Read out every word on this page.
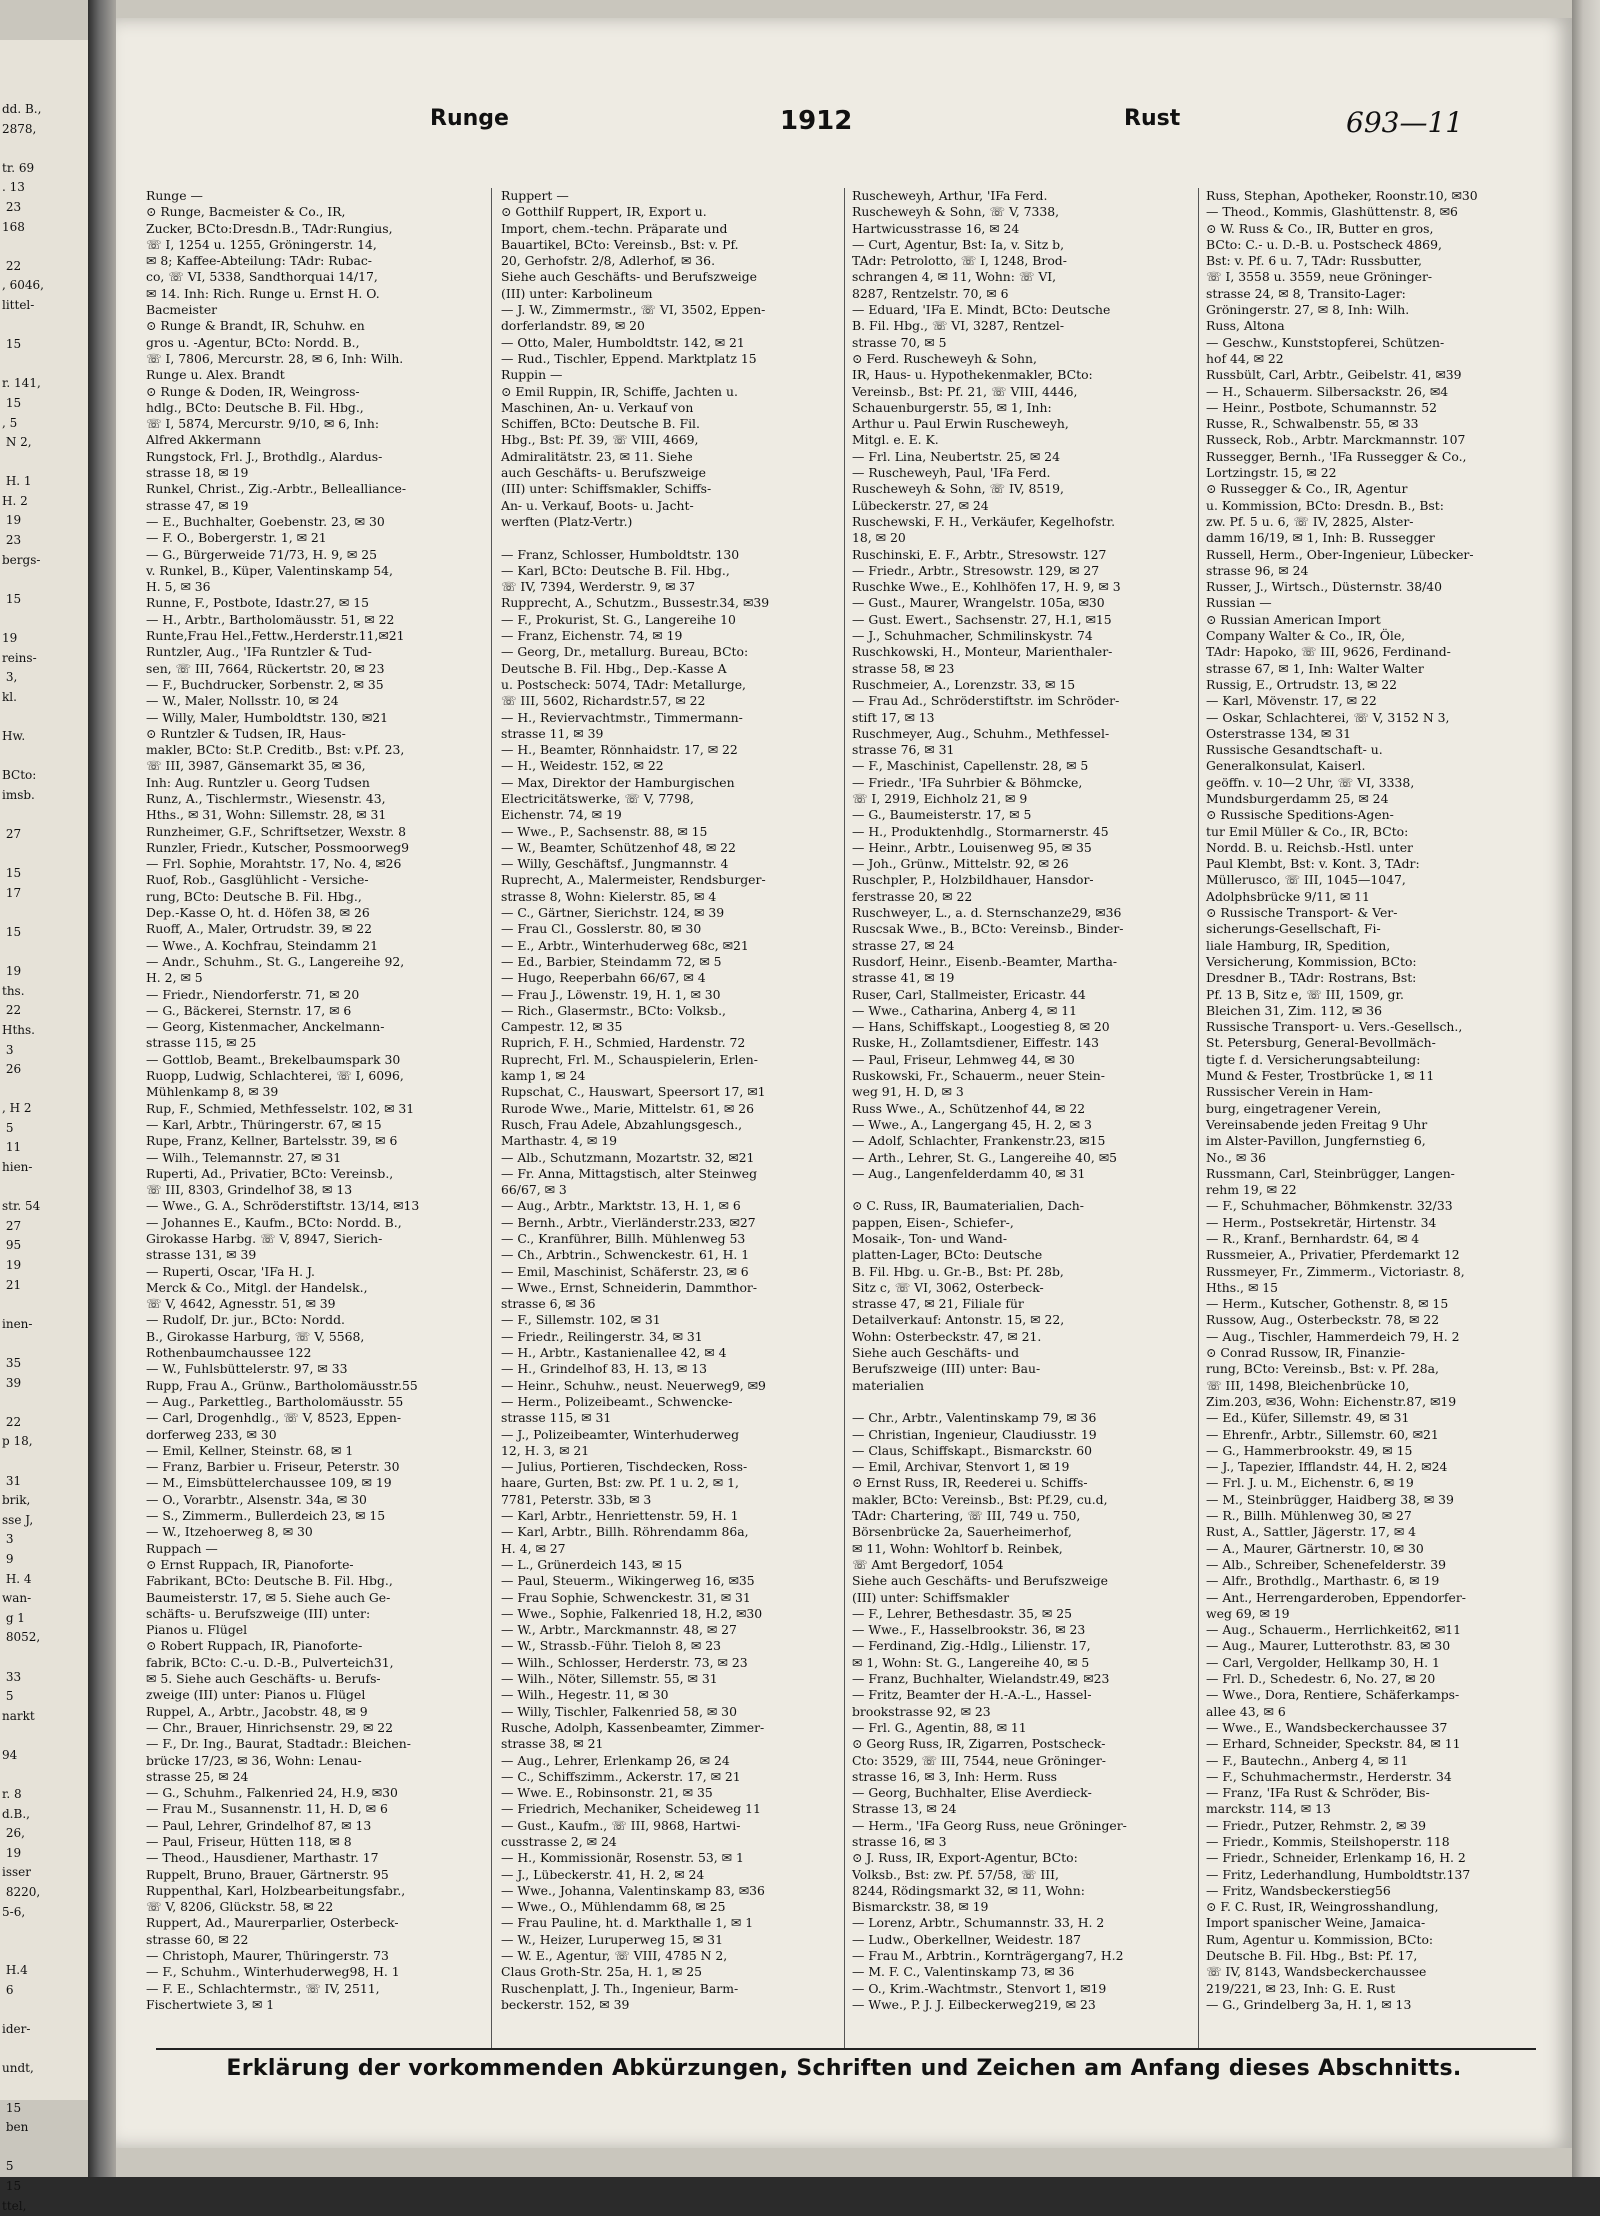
dd. B.,
2878,

tr. 69
. 13
23
168

22
, 6046,
littel-

15

r. 141,
15
, 5
N 2,

H. 1
H. 2
19
23
bergs-

15

19
reins-
3,
kl.

Hw.

BCto:
imsb.

27

15
17

15

19
ths.
22
Hths.
3
26

, H 2
5
11
hien-

str. 54
27
95
19
21

inen-

35
39

22
p 18,

31
brik,
sse J,
3
9
H. 4
wan-
g 1
8052,

33
5
narkt

94

r. 8
d.B.,
26,
19
isser
8220,
5-6,

H.4
6

ider-

undt,

15
ben

5
15
ttel,
Runge	1912	Rust	693—11
Runge —
⊙ Runge, Bacmeister & Co., IR,
Zucker, BCto:Dresdn.B., TAdr:Rungius,
☏ I, 1254 u. 1255, Gröningerstr. 14,
✉ 8; Kaffee-Abteilung: TAdr: Rubac-
co, ☏ VI, 5338, Sandthorquai 14/17,
✉ 14. Inh: Rich. Runge u. Ernst H. O.
Bacmeister
⊙ Runge & Brandt, IR, Schuhw. en
gros u. -Agentur, BCto: Nordd. B.,
☏ I, 7806, Mercurstr. 28, ✉ 6, Inh: Wilh.
Runge u. Alex. Brandt
⊙ Runge & Doden, IR, Weingross-
hdlg., BCto: Deutsche B. Fil. Hbg.,
☏ I, 5874, Mercurstr. 9/10, ✉ 6, Inh:
Alfred Akkermann
Rungstock, Frl. J., Brothdlg., Alardus-
strasse 18, ✉ 19
Runkel, Christ., Zig.-Arbtr., Bellealliance-
strasse 47, ✉ 19
— E., Buchhalter, Goebenstr. 23, ✉ 30
— F. O., Bobergerstr. 1, ✉ 21
— G., Bürgerweide 71/73, H. 9, ✉ 25
v. Runkel, B., Küper, Valentinskamp 54,
H. 5, ✉ 36
Runne, F., Postbote, Idastr.27, ✉ 15
— H., Arbtr., Bartholomäusstr. 51, ✉ 22
Runte,Frau Hel.,Fettw.,Herderstr.11,✉21
Runtzler, Aug., 'IFa Runtzler & Tud-
sen, ☏ III, 7664, Rückertstr. 20, ✉ 23
— F., Buchdrucker, Sorbenstr. 2, ✉ 35
— W., Maler, Nollsstr. 10, ✉ 24
— Willy, Maler, Humboldtstr. 130, ✉21
⊙ Runtzler & Tudsen, IR, Haus-
makler, BCto: St.P. Creditb., Bst: v.Pf. 23,
☏ III, 3987, Gänsemarkt 35, ✉ 36,
Inh: Aug. Runtzler u. Georg Tudsen
Runz, A., Tischlermstr., Wiesenstr. 43,
Hths., ✉ 31, Wohn: Sillemstr. 28, ✉ 31
Runzheimer, G.F., Schriftsetzer, Wexstr. 8
Runzler, Friedr., Kutscher, Possmoorweg9
— Frl. Sophie, Morahtstr. 17, No. 4, ✉26
Ruof, Rob., Gasglühlicht - Versiche-
rung, BCto: Deutsche B. Fil. Hbg.,
Dep.-Kasse O, ht. d. Höfen 38, ✉ 26
Ruoff, A., Maler, Ortrudstr. 39, ✉ 22
— Wwe., A. Kochfrau, Steindamm 21
— Andr., Schuhm., St. G., Langereihe 92,
H. 2, ✉ 5
— Friedr., Niendorferstr. 71, ✉ 20
— G., Bäckerei, Sternstr. 17, ✉ 6
— Georg, Kistenmacher, Anckelmann-
strasse 115, ✉ 25
— Gottlob, Beamt., Brekelbaumspark 30
Ruopp, Ludwig, Schlachterei, ☏ I, 6096,
Mühlenkamp 8, ✉ 39
Rup, F., Schmied, Methfesselstr. 102, ✉ 31
— Karl, Arbtr., Thüringerstr. 67, ✉ 15
Rupe, Franz, Kellner, Bartelsstr. 39, ✉ 6
— Wilh., Telemannstr. 27, ✉ 31
Ruperti, Ad., Privatier, BCto: Vereinsb.,
☏ III, 8303, Grindelhof 38, ✉ 13
— Wwe., G. A., Schröderstiftstr. 13/14, ✉13
— Johannes E., Kaufm., BCto: Nordd. B.,
Girokasse Harbg. ☏ V, 8947, Sierich-
strasse 131, ✉ 39
— Ruperti, Oscar, 'IFa H. J.
Merck & Co., Mitgl. der Handelsk.,
☏ V, 4642, Agnesstr. 51, ✉ 39
— Rudolf, Dr. jur., BCto: Nordd.
B., Girokasse Harburg, ☏ V, 5568,
Rothenbaumchaussee 122
— W., Fuhlsbüttelerstr. 97, ✉ 33
Rupp, Frau A., Grünw., Bartholomäusstr.55
— Aug., Parkettleg., Bartholomäusstr. 55
— Carl, Drogenhdlg., ☏ V, 8523, Eppen-
dorferweg 233, ✉ 30
— Emil, Kellner, Steinstr. 68, ✉ 1
— Franz, Barbier u. Friseur, Peterstr. 30
— M., Eimsbüttelerchaussee 109, ✉ 19
— O., Vorarbtr., Alsenstr. 34a, ✉ 30
— S., Zimmerm., Bullerdeich 23, ✉ 15
— W., Itzehoerweg 8, ✉ 30
Ruppach —
⊙ Ernst Ruppach, IR, Pianoforte-
Fabrikant, BCto: Deutsche B. Fil. Hbg.,
Baumeisterstr. 17, ✉ 5. Siehe auch Ge-
schäfts- u. Berufszweige (III) unter:
Pianos u. Flügel
⊙ Robert Ruppach, IR, Pianoforte-
fabrik, BCto: C.-u. D.-B., Pulverteich31,
✉ 5. Siehe auch Geschäfts- u. Berufs-
zweige (III) unter: Pianos u. Flügel
Ruppel, A., Arbtr., Jacobstr. 48, ✉ 9
— Chr., Brauer, Hinrichsenstr. 29, ✉ 22
— F., Dr. Ing., Baurat, Stadtadr.: Bleichen-
brücke 17/23, ✉ 36, Wohn: Lenau-
strasse 25, ✉ 24
— G., Schuhm., Falkenried 24, H.9, ✉30
— Frau M., Susannenstr. 11, H. D, ✉ 6
— Paul, Lehrer, Grindelhof 87, ✉ 13
— Paul, Friseur, Hütten 118, ✉ 8
— Theod., Hausdiener, Marthastr. 17
Ruppelt, Bruno, Brauer, Gärtnerstr. 95
Ruppenthal, Karl, Holzbearbeitungsfabr.,
☏ V, 8206, Glückstr. 58, ✉ 22
Ruppert, Ad., Maurerparlier, Osterbeck-
strasse 60, ✉ 22
— Christoph, Maurer, Thüringerstr. 73
— F., Schuhm., Winterhuderweg98, H. 1
— F. E., Schlachtermstr., ☏ IV, 2511,
Fischertwiete 3, ✉ 1
Ruppert —
⊙ Gotthilf Ruppert, IR, Export u.
Import, chem.-techn. Präparate und
Bauartikel, BCto: Vereinsb., Bst: v. Pf.
20, Gerhofstr. 2/8, Adlerhof, ✉ 36.
Siehe auch Geschäfts- und Berufszweige
(III) unter: Karbolineum
— J. W., Zimmermstr., ☏ VI, 3502, Eppen-
dorferlandstr. 89, ✉ 20
— Otto, Maler, Humboldtstr. 142, ✉ 21
— Rud., Tischler, Eppend. Marktplatz 15
Ruppin —
⊙ Emil Ruppin, IR, Schiffe, Jachten u.
Maschinen, An- u. Verkauf von
Schiffen, BCto: Deutsche B. Fil.
Hbg., Bst: Pf. 39, ☏ VIII, 4669,
Admiralitätstr. 23, ✉ 11. Siehe
auch Geschäfts- u. Berufszweige
(III) unter: Schiffsmakler, Schiffs-
An- u. Verkauf, Boots- u. Jacht-
werften (Platz-Vertr.)

— Franz, Schlosser, Humboldtstr. 130
— Karl, BCto: Deutsche B. Fil. Hbg.,
☏ IV, 7394, Werderstr. 9, ✉ 37
Rupprecht, A., Schutzm., Bussestr.34, ✉39
— F., Prokurist, St. G., Langereihe 10
— Franz, Eichenstr. 74, ✉ 19
— Georg, Dr., metallurg. Bureau, BCto:
Deutsche B. Fil. Hbg., Dep.-Kasse A
u. Postscheck: 5074, TAdr: Metallurge,
☏ III, 5602, Richardstr.57, ✉ 22
— H., Reviervachtmstr., Timmermann-
strasse 11, ✉ 39
— H., Beamter, Rönnhaidstr. 17, ✉ 22
— H., Weidestr. 152, ✉ 22
— Max, Direktor der Hamburgischen
Electricitätswerke, ☏ V, 7798,
Eichenstr. 74, ✉ 19
— Wwe., P., Sachsenstr. 88, ✉ 15
— W., Beamter, Schützenhof 48, ✉ 22
— Willy, Geschäftsf., Jungmannstr. 4
Ruprecht, A., Malermeister, Rendsburger-
strasse 8, Wohn: Kielerstr. 85, ✉ 4
— C., Gärtner, Sierichstr. 124, ✉ 39
— Frau Cl., Gosslerstr. 80, ✉ 30
— E., Arbtr., Winterhuderweg 68c, ✉21
— Ed., Barbier, Steindamm 72, ✉ 5
— Hugo, Reeperbahn 66/67, ✉ 4
— Frau J., Löwenstr. 19, H. 1, ✉ 30
— Rich., Glasermstr., BCto: Volksb.,
Campestr. 12, ✉ 35
Ruprich, F. H., Schmied, Hardenstr. 72
Ruprecht, Frl. M., Schauspielerin, Erlen-
kamp 1, ✉ 24
Rupschat, C., Hauswart, Speersort 17, ✉1
Rurode Wwe., Marie, Mittelstr. 61, ✉ 26
Rusch, Frau Adele, Abzahlungsgesch.,
Marthastr. 4, ✉ 19
— Alb., Schutzmann, Mozartstr. 32, ✉21
— Fr. Anna, Mittagstisch, alter Steinweg
66/67, ✉ 3
— Aug., Arbtr., Marktstr. 13, H. 1, ✉ 6
— Bernh., Arbtr., Vierländerstr.233, ✉27
— C., Kranführer, Billh. Mühlenweg 53
— Ch., Arbtrin., Schwenckestr. 61, H. 1
— Emil, Maschinist, Schäferstr. 23, ✉ 6
— Wwe., Ernst, Schneiderin, Dammthor-
strasse 6, ✉ 36
— F., Sillemstr. 102, ✉ 31
— Friedr., Reilingerstr. 34, ✉ 31
— H., Arbtr., Kastanienallee 42, ✉ 4
— H., Grindelhof 83, H. 13, ✉ 13
— Heinr., Schuhw., neust. Neuerweg9, ✉9
— Herm., Polizeibeamt., Schwencke-
strasse 115, ✉ 31
— J., Polizeibeamter, Winterhuderweg
12, H. 3, ✉ 21
— Julius, Portieren, Tischdecken, Ross-
haare, Gurten, Bst: zw. Pf. 1 u. 2, ✉ 1,
7781, Peterstr. 33b, ✉ 3
— Karl, Arbtr., Henriettenstr. 59, H. 1
— Karl, Arbtr., Billh. Röhrendamm 86a,
H. 4, ✉ 27
— L., Grünerdeich 143, ✉ 15
— Paul, Steuerm., Wikingerweg 16, ✉35
— Frau Sophie, Schwenckestr. 31, ✉ 31
— Wwe., Sophie, Falkenried 18, H.2, ✉30
— W., Arbtr., Marckmannstr. 48, ✉ 27
— W., Strassb.-Führ. Tieloh 8, ✉ 23
— Wilh., Schlosser, Herderstr. 73, ✉ 23
— Wilh., Nöter, Sillemstr. 55, ✉ 31
— Wilh., Hegestr. 11, ✉ 30
— Willy, Tischler, Falkenried 58, ✉ 30
Rusche, Adolph, Kassenbeamter, Zimmer-
strasse 38, ✉ 21
— Aug., Lehrer, Erlenkamp 26, ✉ 24
— C., Schiffszimm., Ackerstr. 17, ✉ 21
— Wwe. E., Robinsonstr. 21, ✉ 35
— Friedrich, Mechaniker, Scheideweg 11
— Gust., Kaufm., ☏ III, 9868, Hartwi-
cusstrasse 2, ✉ 24
— H., Kommissionär, Rosenstr. 53, ✉ 1
— J., Lübeckerstr. 41, H. 2, ✉ 24
— Wwe., Johanna, Valentinskamp 83, ✉36
— Wwe., O., Mühlendamm 68, ✉ 25
— Frau Pauline, ht. d. Markthalle 1, ✉ 1
— W., Heizer, Luruperweg 15, ✉ 31
— W. E., Agentur, ☏ VIII, 4785 N 2,
Claus Groth-Str. 25a, H. 1, ✉ 25
Ruschenplatt, J. Th., Ingenieur, Barm-
beckerstr. 152, ✉ 39
Ruscheweyh, Arthur, 'IFa Ferd.
Ruscheweyh & Sohn, ☏ V, 7338,
Hartwicusstrasse 16, ✉ 24
— Curt, Agentur, Bst: Ia, v. Sitz b,
TAdr: Petrolotto, ☏ I, 1248, Brod-
schrangen 4, ✉ 11, Wohn: ☏ VI,
8287, Rentzelstr. 70, ✉ 6
— Eduard, 'IFa E. Mindt, BCto: Deutsche
B. Fil. Hbg., ☏ VI, 3287, Rentzel-
strasse 70, ✉ 5
⊙ Ferd. Ruscheweyh & Sohn,
IR, Haus- u. Hypothekenmakler, BCto:
Vereinsb., Bst: Pf. 21, ☏ VIII, 4446,
Schauenburgerstr. 55, ✉ 1, Inh:
Arthur u. Paul Erwin Ruscheweyh,
Mitgl. e. E. K.
— Frl. Lina, Neubertstr. 25, ✉ 24
— Ruscheweyh, Paul, 'IFa Ferd.
Ruscheweyh & Sohn, ☏ IV, 8519,
Lübeckerstr. 27, ✉ 24
Ruschewski, F. H., Verkäufer, Kegelhofstr.
18, ✉ 20
Ruschinski, E. F., Arbtr., Stresowstr. 127
— Friedr., Arbtr., Stresowstr. 129, ✉ 27
Ruschke Wwe., E., Kohlhöfen 17, H. 9, ✉ 3
— Gust., Maurer, Wrangelstr. 105a, ✉30
— Gust. Ewert., Sachsenstr. 27, H.1, ✉15
— J., Schuhmacher, Schmilinskystr. 74
Ruschkowski, H., Monteur, Marienthaler-
strasse 58, ✉ 23
Ruschmeier, A., Lorenzstr. 33, ✉ 15
— Frau Ad., Schröderstiftstr. im Schröder-
stift 17, ✉ 13
Ruschmeyer, Aug., Schuhm., Methfessel-
strasse 76, ✉ 31
— F., Maschinist, Capellenstr. 28, ✉ 5
— Friedr., 'IFa Suhrbier & Böhmcke,
☏ I, 2919, Eichholz 21, ✉ 9
— G., Baumeisterstr. 17, ✉ 5
— H., Produktenhdlg., Stormarnerstr. 45
— Heinr., Arbtr., Louisenweg 95, ✉ 35
— Joh., Grünw., Mittelstr. 92, ✉ 26
Ruschpler, P., Holzbildhauer, Hansdor-
ferstrasse 20, ✉ 22
Ruschweyer, L., a. d. Sternschanze29, ✉36
Ruscsak Wwe., B., BCto: Vereinsb., Binder-
strasse 27, ✉ 24
Rusdorf, Heinr., Eisenb.-Beamter, Martha-
strasse 41, ✉ 19
Ruser, Carl, Stallmeister, Ericastr. 44
— Wwe., Catharina, Anberg 4, ✉ 11
— Hans, Schiffskapt., Loogestieg 8, ✉ 20
Ruske, H., Zollamtsdiener, Eiffestr. 143
— Paul, Friseur, Lehmweg 44, ✉ 30
Ruskowski, Fr., Schauerm., neuer Stein-
weg 91, H. D, ✉ 3
Russ Wwe., A., Schützenhof 44, ✉ 22
— Wwe., A., Langergang 45, H. 2, ✉ 3
— Adolf, Schlachter, Frankenstr.23, ✉15
— Arth., Lehrer, St. G., Langereihe 40, ✉5
— Aug., Langenfelderdamm 40, ✉ 31

⊙ C. Russ, IR, Baumaterialien, Dach-
pappen, Eisen-, Schiefer-,
Mosaik-, Ton- und Wand-
platten-Lager, BCto: Deutsche
B. Fil. Hbg. u. Gr.-B., Bst: Pf. 28b,
Sitz c, ☏ VI, 3062, Osterbeck-
strasse 47, ✉ 21, Filiale für
Detailverkauf: Antonstr. 15, ✉ 22,
Wohn: Osterbeckstr. 47, ✉ 21.
Siehe auch Geschäfts- und
Berufszweige (III) unter: Bau-
materialien

— Chr., Arbtr., Valentinskamp 79, ✉ 36
— Christian, Ingenieur, Claudiusstr. 19
— Claus, Schiffskapt., Bismarckstr. 60
— Emil, Archivar, Stenvort 1, ✉ 19
⊙ Ernst Russ, IR, Reederei u. Schiffs-
makler, BCto: Vereinsb., Bst: Pf.29, cu.d,
TAdr: Chartering, ☏ III, 749 u. 750,
Börsenbrücke 2a, Sauerheimerhof,
✉ 11, Wohn: Wohltorf b. Reinbek,
☏ Amt Bergedorf, 1054
Siehe auch Geschäfts- und Berufszweige
(III) unter: Schiffsmakler
— F., Lehrer, Bethesdastr. 35, ✉ 25
— Wwe., F., Hasselbrookstr. 36, ✉ 23
— Ferdinand, Zig.-Hdlg., Lilienstr. 17,
✉ 1, Wohn: St. G., Langereihe 40, ✉ 5
— Franz, Buchhalter, Wielandstr.49, ✉23
— Fritz, Beamter der H.-A.-L., Hassel-
brookstrasse 92, ✉ 23
— Frl. G., Agentin, 88, ✉ 11
⊙ Georg Russ, IR, Zigarren, Postscheck-
Cto: 3529, ☏ III, 7544, neue Gröninger-
strasse 16, ✉ 3, Inh: Herm. Russ
— Georg, Buchhalter, Elise Averdieck-
Strasse 13, ✉ 24
— Herm., 'IFa Georg Russ, neue Gröninger-
strasse 16, ✉ 3
⊙ J. Russ, IR, Export-Agentur, BCto:
Volksb., Bst: zw. Pf. 57/58, ☏ III,
8244, Rödingsmarkt 32, ✉ 11, Wohn:
Bismarckstr. 38, ✉ 19
— Lorenz, Arbtr., Schumannstr. 33, H. 2
— Ludw., Oberkellner, Weidestr. 187
— Frau M., Arbtrin., Kornträgergang7, H.2
— M. F. C., Valentinskamp 73, ✉ 36
— O., Krim.-Wachtmstr., Stenvort 1, ✉19
— Wwe., P. J. J. Eilbeckerweg219, ✉ 23
Russ, Stephan, Apotheker, Roonstr.10, ✉30
— Theod., Kommis, Glashüttenstr. 8, ✉6
⊙ W. Russ & Co., IR, Butter en gros,
BCto: C.- u. D.-B. u. Postscheck 4869,
Bst: v. Pf. 6 u. 7, TAdr: Russbutter,
☏ I, 3558 u. 3559, neue Gröninger-
strasse 24, ✉ 8, Transito-Lager:
Gröningerstr. 27, ✉ 8, Inh: Wilh.
Russ, Altona
— Geschw., Kunststopferei, Schützen-
hof 44, ✉ 22
Russbült, Carl, Arbtr., Geibelstr. 41, ✉39
— H., Schauerm. Silbersackstr. 26, ✉4
— Heinr., Postbote, Schumannstr. 52
Russe, R., Schwalbenstr. 55, ✉ 33
Russeck, Rob., Arbtr. Marckmannstr. 107
Russegger, Bernh., 'IFa Russegger & Co.,
Lortzingstr. 15, ✉ 22
⊙ Russegger & Co., IR, Agentur
u. Kommission, BCto: Dresdn. B., Bst:
zw. Pf. 5 u. 6, ☏ IV, 2825, Alster-
damm 16/19, ✉ 1, Inh: B. Russegger
Russell, Herm., Ober-Ingenieur, Lübecker-
strasse 96, ✉ 24
Russer, J., Wirtsch., Düsternstr. 38/40
Russian —
⊙ Russian American Import
Company Walter & Co., IR, Öle,
TAdr: Hapoko, ☏ III, 9626, Ferdinand-
strasse 67, ✉ 1, Inh: Walter Walter
Russig, E., Ortrudstr. 13, ✉ 22
— Karl, Mövenstr. 17, ✉ 22
— Oskar, Schlachterei, ☏ V, 3152 N 3,
Osterstrasse 134, ✉ 31
Russische Gesandtschaft- u.
Generalkonsulat, Kaiserl.
geöffn. v. 10—2 Uhr, ☏ VI, 3338,
Mundsburgerdamm 25, ✉ 24
⊙ Russische Speditions-Agen-
tur Emil Müller & Co., IR, BCto:
Nordd. B. u. Reichsb.-Hstl. unter
Paul Klembt, Bst: v. Kont. 3, TAdr:
Müllerusco, ☏ III, 1045—1047,
Adolphsbrücke 9/11, ✉ 11
⊙ Russische Transport- & Ver-
sicherungs-Gesellschaft, Fi-
liale Hamburg, IR, Spedition,
Versicherung, Kommission, BCto:
Dresdner B., TAdr: Rostrans, Bst:
Pf. 13 B, Sitz e, ☏ III, 1509, gr.
Bleichen 31, Zim. 112, ✉ 36
Russische Transport- u. Vers.-Gesellsch.,
St. Petersburg, General-Bevollmäch-
tigte f. d. Versicherungsabteilung:
Mund & Fester, Trostbrücke 1, ✉ 11
Russischer Verein in Ham-
burg, eingetragener Verein,
Vereinsabende jeden Freitag 9 Uhr
im Alster-Pavillon, Jungfernstieg 6,
No., ✉ 36
Russmann, Carl, Steinbrügger, Langen-
rehm 19, ✉ 22
— F., Schuhmacher, Böhmkenstr. 32/33
— Herm., Postsekretär, Hirtenstr. 34
— R., Kranf., Bernhardstr. 64, ✉ 4
Russmeier, A., Privatier, Pferdemarkt 12
Russmeyer, Fr., Zimmerm., Victoriastr. 8,
Hths., ✉ 15
— Herm., Kutscher, Gothenstr. 8, ✉ 15
Russow, Aug., Osterbeckstr. 78, ✉ 22
— Aug., Tischler, Hammerdeich 79, H. 2
⊙ Conrad Russow, IR, Finanzie-
rung, BCto: Vereinsb., Bst: v. Pf. 28a,
☏ III, 1498, Bleichenbrücke 10,
Zim.203, ✉36, Wohn: Eichenstr.87, ✉19
— Ed., Küfer, Sillemstr. 49, ✉ 31
— Ehrenfr., Arbtr., Sillemstr. 60, ✉21
— G., Hammerbrookstr. 49, ✉ 15
— J., Tapezier, Ifflandstr. 44, H. 2, ✉24
— Frl. J. u. M., Eichenstr. 6, ✉ 19
— M., Steinbrügger, Haidberg 38, ✉ 39
— R., Billh. Mühlenweg 30, ✉ 27
Rust, A., Sattler, Jägerstr. 17, ✉ 4
— A., Maurer, Gärtnerstr. 10, ✉ 30
— Alb., Schreiber, Schenefelderstr. 39
— Alfr., Brothdlg., Marthastr. 6, ✉ 19
— Ant., Herrengarderoben, Eppendorfer-
weg 69, ✉ 19
— Aug., Schauerm., Herrlichkeit62, ✉11
— Aug., Maurer, Lutterothstr. 83, ✉ 30
— Carl, Vergolder, Hellkamp 30, H. 1
— Frl. D., Schedestr. 6, No. 27, ✉ 20
— Wwe., Dora, Rentiere, Schäferkamps-
allee 43, ✉ 6
— Wwe., E., Wandsbeckerchaussee 37
— Erhard, Schneider, Speckstr. 84, ✉ 11
— F., Bautechn., Anberg 4, ✉ 11
— F., Schuhmachermstr., Herderstr. 34
— Franz, 'IFa Rust & Schröder, Bis-
marckstr. 114, ✉ 13
— Friedr., Putzer, Rehmstr. 2, ✉ 39
— Friedr., Kommis, Steilshoperstr. 118
— Friedr., Schneider, Erlenkamp 16, H. 2
— Fritz, Lederhandlung, Humboldtstr.137
— Fritz, Wandsbeckerstieg56
⊙ F. C. Rust, IR, Weingrosshandlung,
Import spanischer Weine, Jamaica-
Rum, Agentur u. Kommission, BCto:
Deutsche B. Fil. Hbg., Bst: Pf. 17,
☏ IV, 8143, Wandsbeckerchaussee
219/221, ✉ 23, Inh: G. E. Rust
— G., Grindelberg 3a, H. 1, ✉ 13
Erklärung der vorkommenden Abkürzungen, Schriften und Zeichen am Anfang dieses Abschnitts.
